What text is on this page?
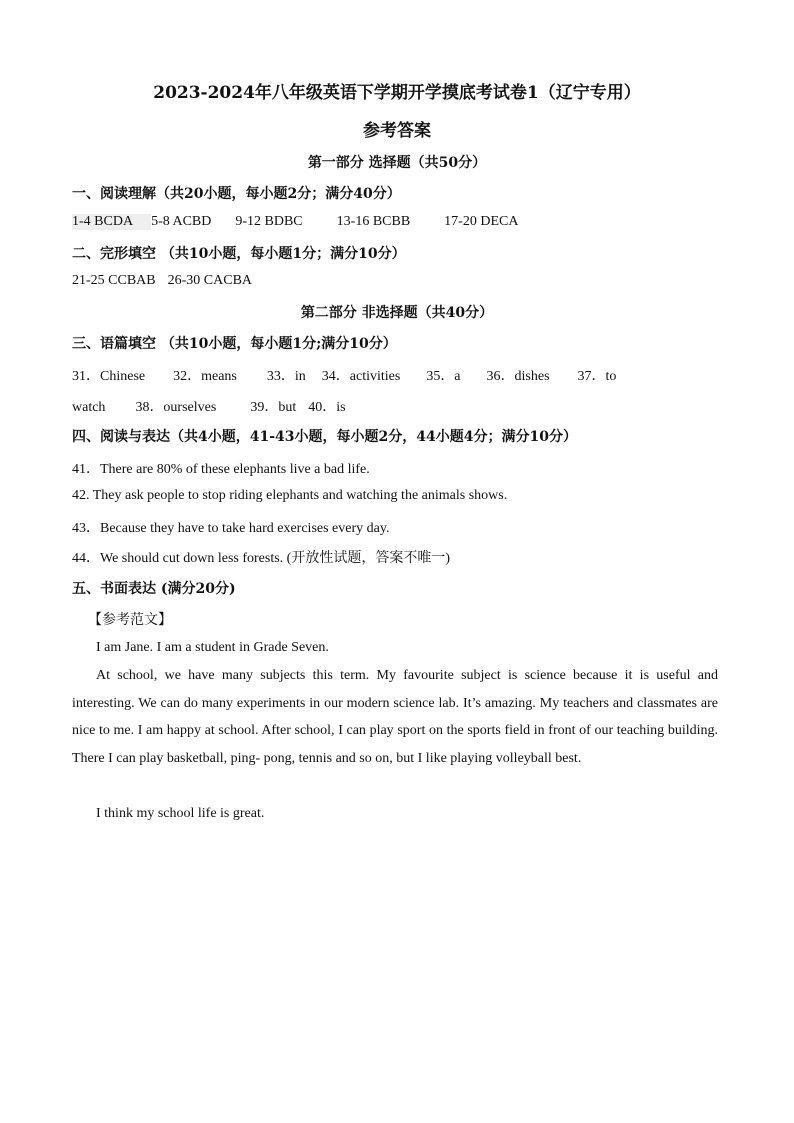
2023-2024年八年级英语下学期开学摸底考试卷1（辽宁专用）
参考答案
第一部分 选择题（共50分）
一、阅读理解（共20小题，每小题2分；满分40分）
1-4 BCDA 5-8 ACBD 9-12 BDBC 13-16 BCBB 17-20 DECA
二、完形填空 （共10小题，每小题1分；满分10分）
21-25 CCBAB 26-30 CACBA
第二部分 非选择题（共40分）
三、语篇填空 （共10小题，每小题1分;满分10分）
31．Chinese 32．means 33．in 34．activities 35．a 36．dishes 37．to
watch 38．ourselves 39．but 40．is
四、阅读与表达（共4小题，41-43小题，每小题2分，44小题4分；满分10分）
41．There are 80% of these elephants live a bad life.
42. They ask people to stop riding elephants and watching the animals shows.
43．Because they have to take hard exercises every day.
44．We should cut down less forests. (开放性试题，答案不唯一)
五、书面表达 (满分20分)
【参考范文】
I am Jane. I am a student in Grade Seven.
At school, we have many subjects this term. My favourite subject is science because it is useful and interesting. We can do many experiments in our modern science lab. It’s amazing. My teachers and classmates are nice to me. I am happy at school. After school, I can play sport on the sports field in front of our teaching building. There I can play basketball, ping- pong, tennis and so on, but I like playing volleyball best.
I think my school life is great.
